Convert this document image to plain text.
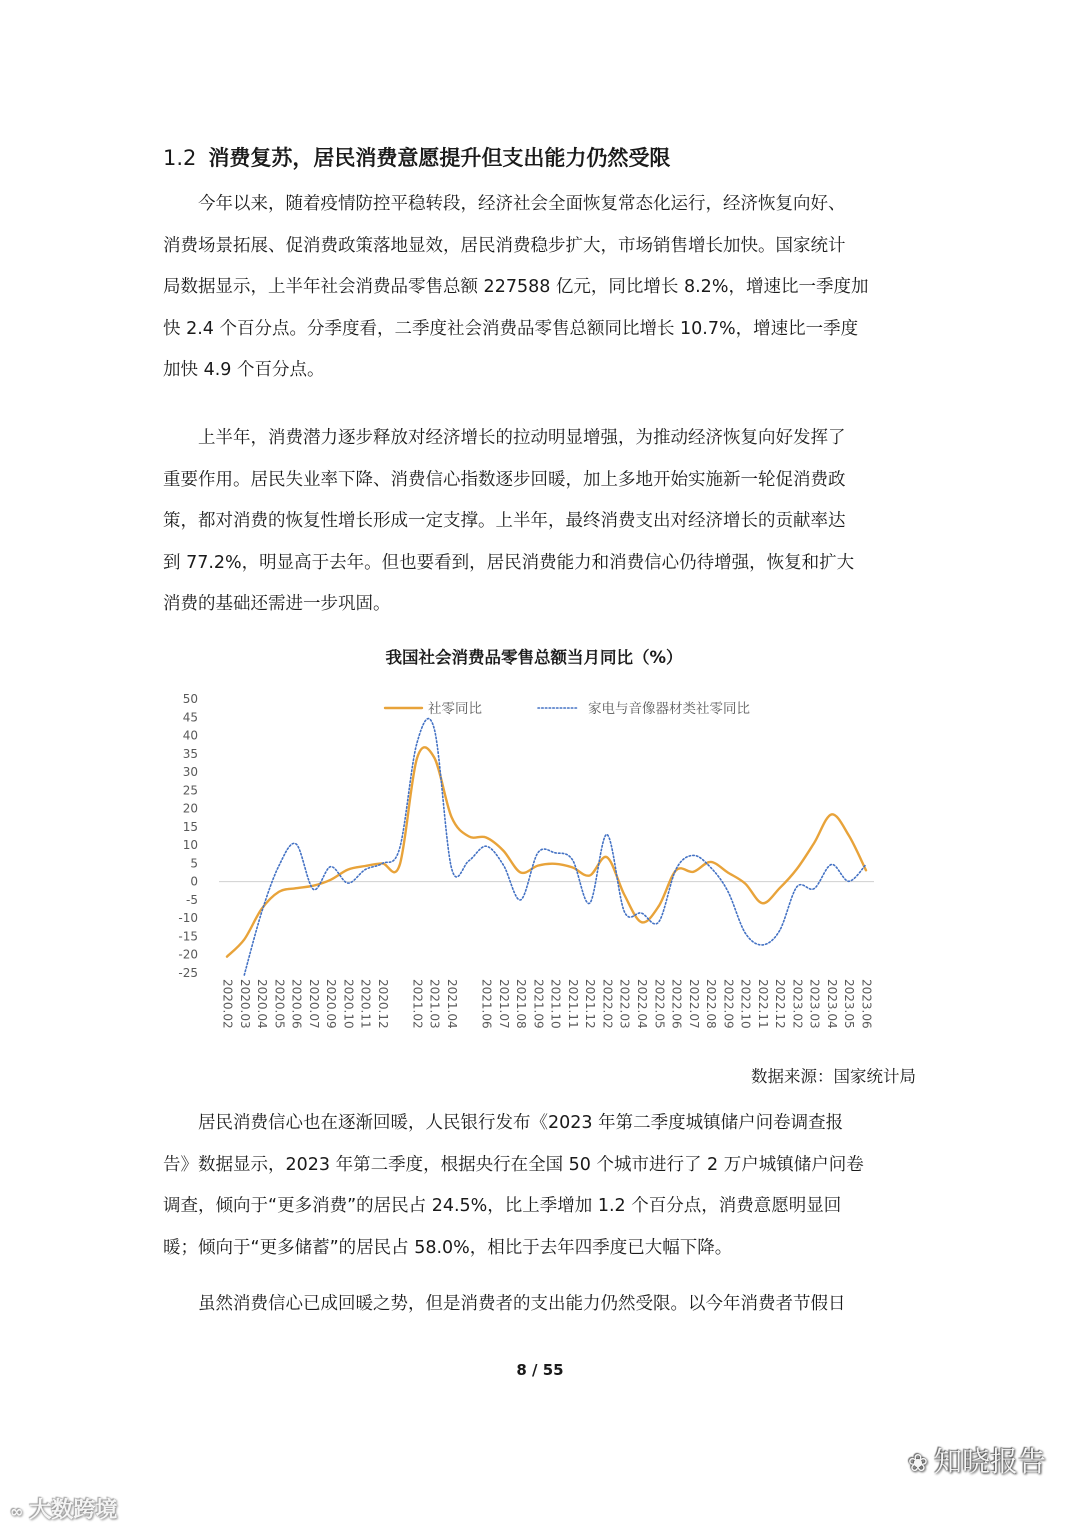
1.2 消费复苏，居民消费意愿提升但支出能力仍然受限
今年以来，随着疫情防控平稳转段，经济社会全面恢复常态化运行，经济恢复向好、
消费场景拓展、促消费政策落地显效，居民消费稳步扩大，市场销售增长加快。国家统计
局数据显示，上半年社会消费品零售总额 227588 亿元，同比增长 8.2%，增速比一季度加
快 2.4 个百分点。分季度看，二季度社会消费品零售总额同比增长 10.7%，增速比一季度
加快 4.9 个百分点。
上半年，消费潜力逐步释放对经济增长的拉动明显增强，为推动经济恢复向好发挥了
重要作用。居民失业率下降、消费信心指数逐步回暖，加上多地开始实施新一轮促消费政
策，都对消费的恢复性增长形成一定支撑。上半年，最终消费支出对经济增长的贡献率达
到 77.2%，明显高于去年。但也要看到，居民消费能力和消费信心仍待增强，恢复和扩大
消费的基础还需进一步巩固。
我国社会消费品零售总额当月同比（%）
50
45
40
35
30
25
20
15
10
5
0
-5
-10
-15
-20
-25
2020.02 2020.03 2020.04 2020.05 2020.06 2020.07 2020.09 2020.10 2020.11 2020.12 2021.02 2021.03 2021.04 2021.06 2021.07 2021.08 2021.09 2021.10 2021.11 2021.12 2022.02 2022.03 2022.04 2022.05 2022.06 2022.07 2022.08 2022.09 2022.10 2022.11 2022.12 2023.02 2023.03 2023.04 2023.05 2023.06
社零同比	家电与音像器材类社零同比
数据来源：国家统计局
居民消费信心也在逐渐回暖，人民银行发布《2023 年第二季度城镇储户问卷调查报
告》数据显示，2023 年第二季度，根据央行在全国 50 个城市进行了 2 万户城镇储户问卷
调查，倾向于“更多消费”的居民占 24.5%，比上季增加 1.2 个百分点，消费意愿明显回
暖；倾向于“更多储蓄”的居民占 58.0%，相比于去年四季度已大幅下降。
虽然消费信心已成回暖之势，但是消费者的支出能力仍然受限。以今年消费者节假日
8 / 55
∞ 大数跨境
❀ 知晓报告
